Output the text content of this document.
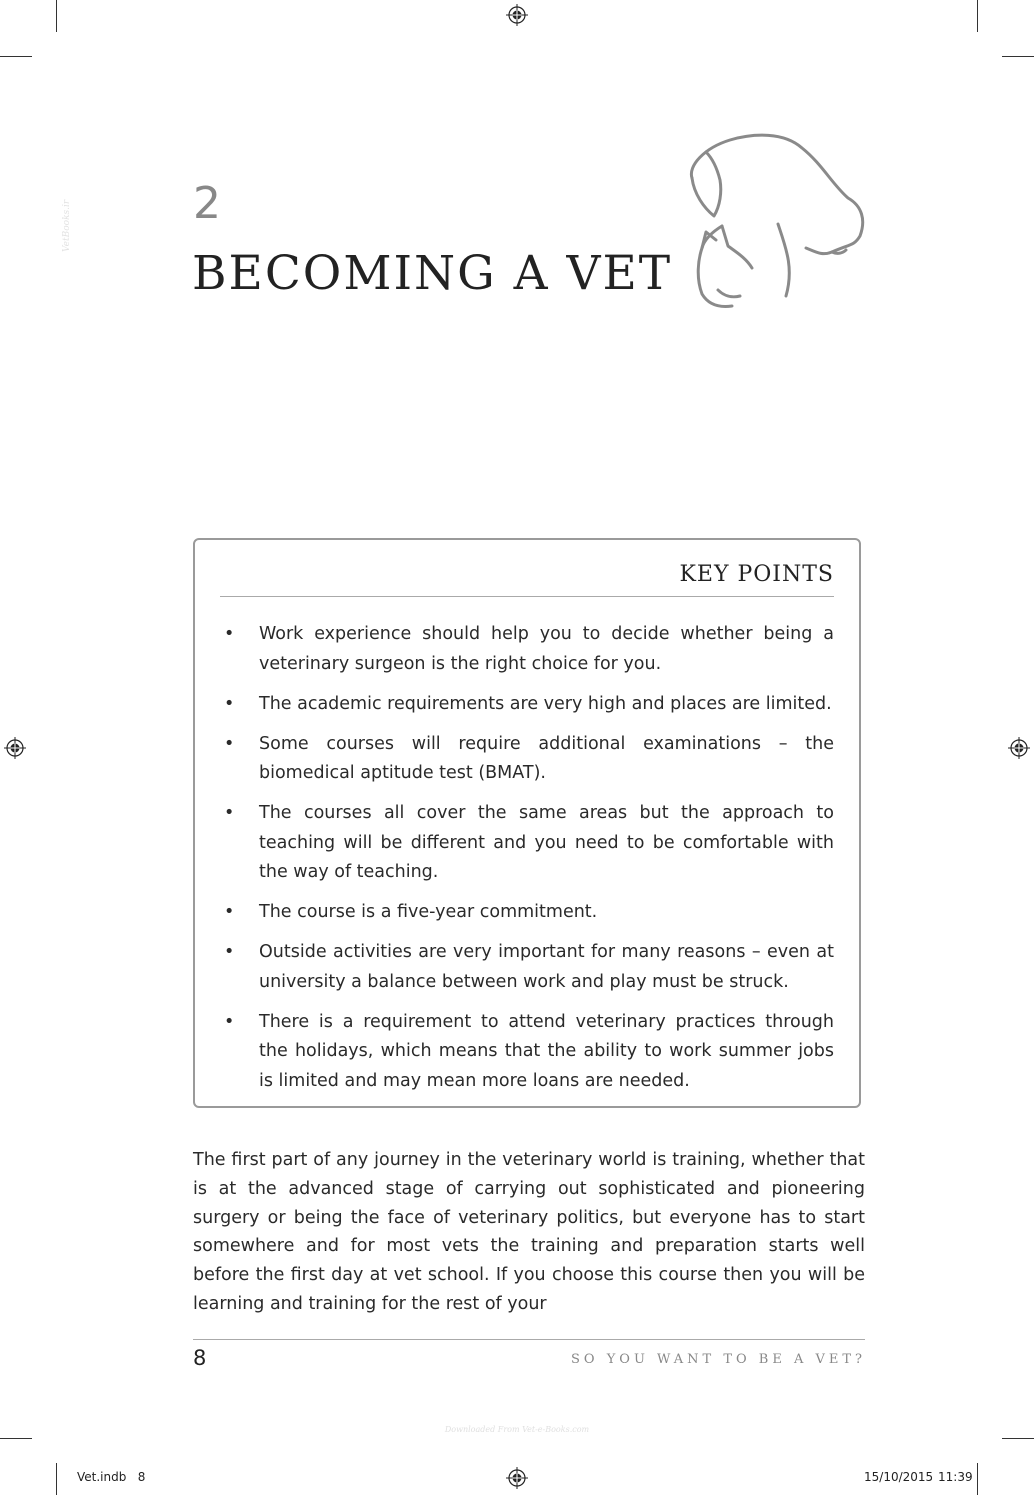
VetBooks.ir	2
BECOMING A VET
KEY POINTS
• Work experience should help you to decide whether being a veterinary surgeon is the right choice for you.
• The academic requirements are very high and places are limited.
• Some courses will require additional examinations – the biomedical aptitude test (BMAT).
• The courses all cover the same areas but the approach to teaching will be different and you need to be comfortable with the way of teaching.
• The course is a five-year commitment.
• Outside activities are very important for many reasons – even at university a balance between work and play must be struck.
• There is a requirement to attend veterinary practices through the holidays, which means that the ability to work summer jobs is limited and may mean more loans are needed.

The first part of any journey in the veterinary world is training, whether that is at the advanced stage of carrying out sophisticated and pioneering surgery or being the face of veterinary politics, but everyone has to start somewhere and for most vets the training and preparation starts well before the first day at vet school. If you choose this course then you will be learning and training for the rest of your

8	SO YOU WANT TO BE A VET?
Downloaded From Vet-e-Books.com
Vet.indb   8	15/10/2015 11:39
